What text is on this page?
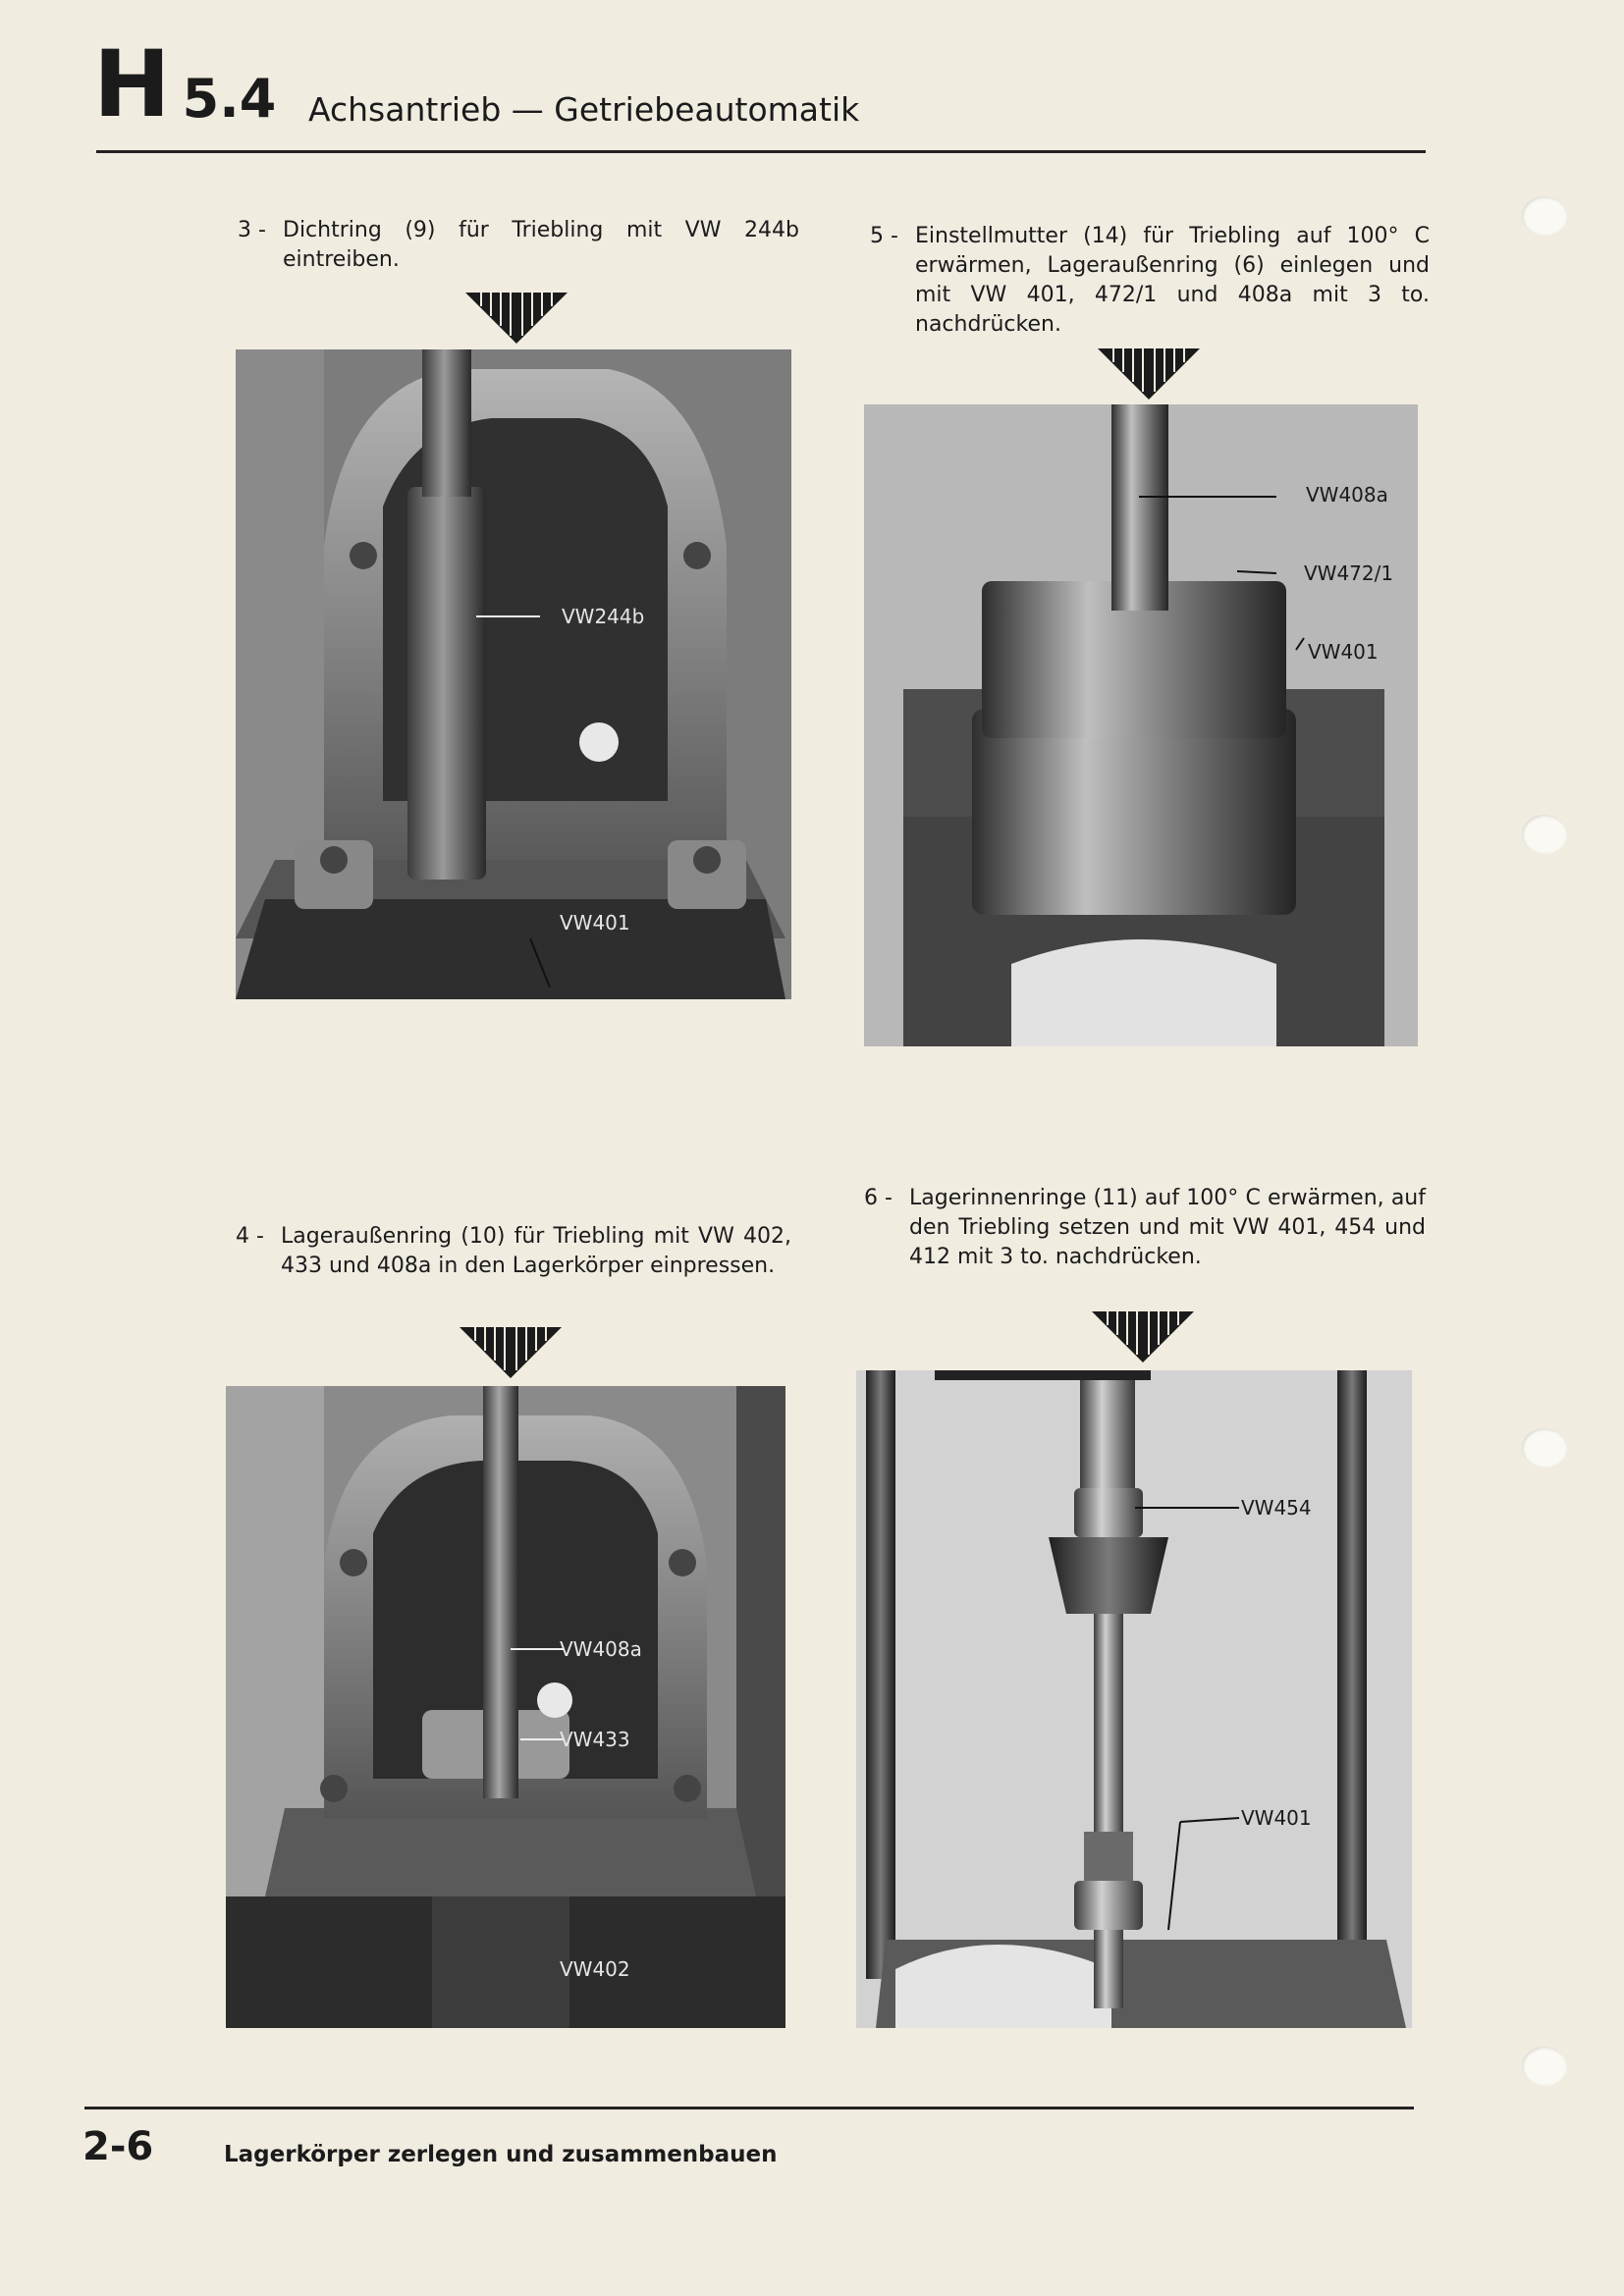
H 5.4 Achsantrieb — Getriebeautomatik
3 - Dichtring (9) für Triebling mit VW 244b eintreiben.
VW244b
VW401
5 - Einstellmutter (14) für Triebling auf 100° C erwärmen, Lageraußenring (6) einlegen und mit VW 401, 472/1 und 408a mit 3 to. nachdrücken.
VW408a
VW472/1
VW401
4 - Lageraußenring (10) für Triebling mit VW 402, 433 und 408a in den Lagerkörper einpressen.
VW408a
VW433
VW402
6 - Lagerinnenringe (11) auf 100° C erwärmen, auf den Triebling setzen und mit VW 401, 454 und 412 mit 3 to. nachdrücken.
VW454
VW401
2-6	Lagerkörper zerlegen und zusammenbauen
